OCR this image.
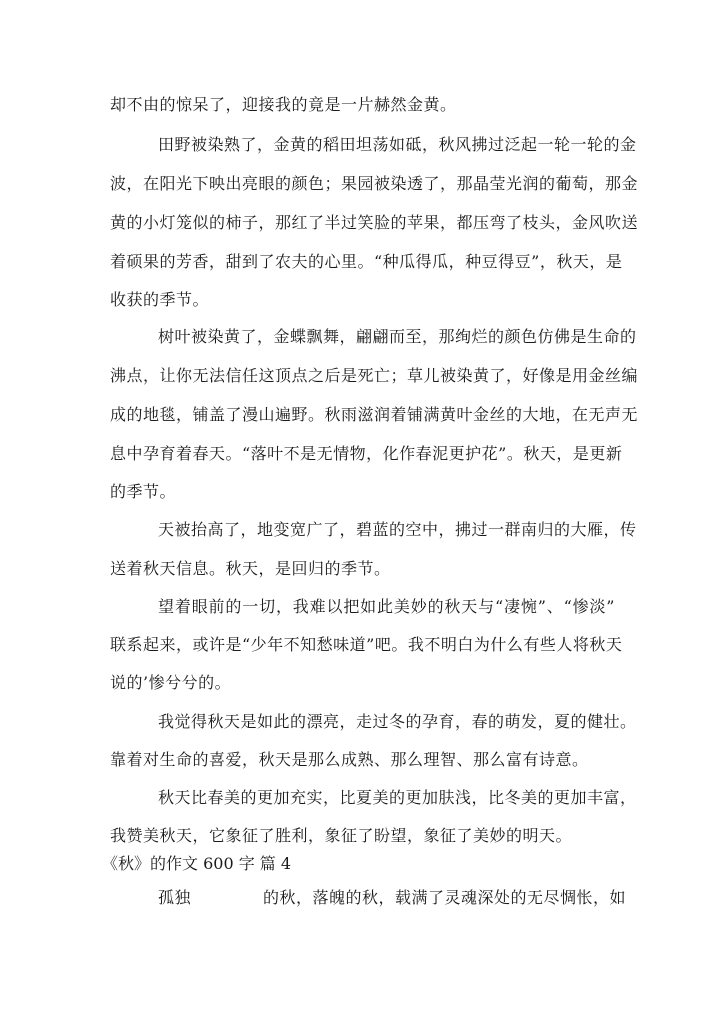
却不由的惊呆了，迎接我的竟是一片赫然金黄。
田野被染熟了，金黄的稻田坦荡如砥，秋风拂过泛起一轮一轮的金
波，在阳光下映出亮眼的颜色；果园被染透了，那晶莹光润的葡萄，那金
黄的小灯笼似的柿子，那红了半过笑脸的苹果，都压弯了枝头，金风吹送
着硕果的芳香，甜到了农夫的心里。“种瓜得瓜，种豆得豆”，秋天，是
收获的季节。
树叶被染黄了，金蝶飘舞，翩翩而至，那绚烂的颜色仿佛是生命的
沸点，让你无法信任这顶点之后是死亡；草儿被染黄了，好像是用金丝编
成的地毯，铺盖了漫山遍野。秋雨滋润着铺满黄叶金丝的大地，在无声无
息中孕育着春天。“落叶不是无情物，化作春泥更护花”。秋天，是更新
的季节。
天被抬高了，地变宽广了，碧蓝的空中，拂过一群南归的大雁，传
送着秋天信息。秋天，是回归的季节。
望着眼前的一切，我难以把如此美妙的秋天与“凄惋”、“惨淡”
联系起来，或许是“少年不知愁味道”吧。我不明白为什么有些人将秋天
说的’惨兮兮的。
我觉得秋天是如此的漂亮，走过冬的孕育，春的萌发，夏的健壮。
靠着对生命的喜爱，秋天是那么成熟、那么理智、那么富有诗意。
秋天比春美的更加充实，比夏美的更加肤浅，比冬美的更加丰富，
我赞美秋天，它象征了胜利，象征了盼望，象征了美妙的明天。
《秋》的作文 600 字 篇 4
孤独	的秋，落魄的秋，载满了灵魂深处的无尽惆怅，如
